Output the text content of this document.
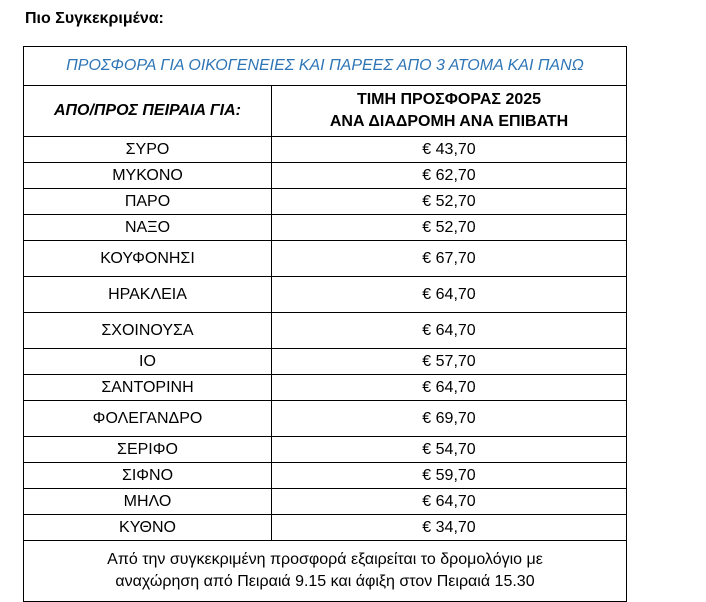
Πιο Συγκεκριμένα:
ΠΡΟΣΦΟΡΑ ΓΙΑ ΟΙΚΟΓΕΝΕΙΕΣ ΚΑΙ ΠΑΡΕΕΣ ΑΠΟ 3 ΑΤΟΜΑ ΚΑΙ ΠΑΝΩ	
ΑΠΟ/ΠΡΟΣ ΠΕΙΡΑΙΑ ΓΙΑ:	ΤΙΜΗ ΠΡΟΣΦΟΡΑΣ 2025
ΑΝΑ ΔΙΑΔΡΟΜΗ ΑΝΑ ΕΠΙΒΑΤΗ

ΣΥΡΟ	€ 43,70
ΜΥΚΟΝΟ	€ 62,70
ΠΑΡΟ	€ 52,70
ΝΑΞΟ	€ 52,70
ΚΟΥΦΟΝΗΣΙ	€ 67,70
ΗΡΑΚΛΕΙΑ	€ 64,70
ΣΧΟΙΝΟΥΣΑ	€ 64,70
ΙΟ	€ 57,70
ΣΑΝΤΟΡΙΝΗ	€ 64,70
ΦΟΛΕΓΑΝΔΡΟ	€ 69,70
ΣΕΡΙΦΟ	€ 54,70
ΣΙΦΝΟ	€ 59,70
ΜΗΛΟ	€ 64,70
ΚΥΘΝΟ	€ 34,70

Από την συγκεκριμένη προσφορά εξαιρείται το δρομολόγιο με
αναχώρηση από Πειραιά 9.15 και άφιξη στον Πειραιά 15.30	
